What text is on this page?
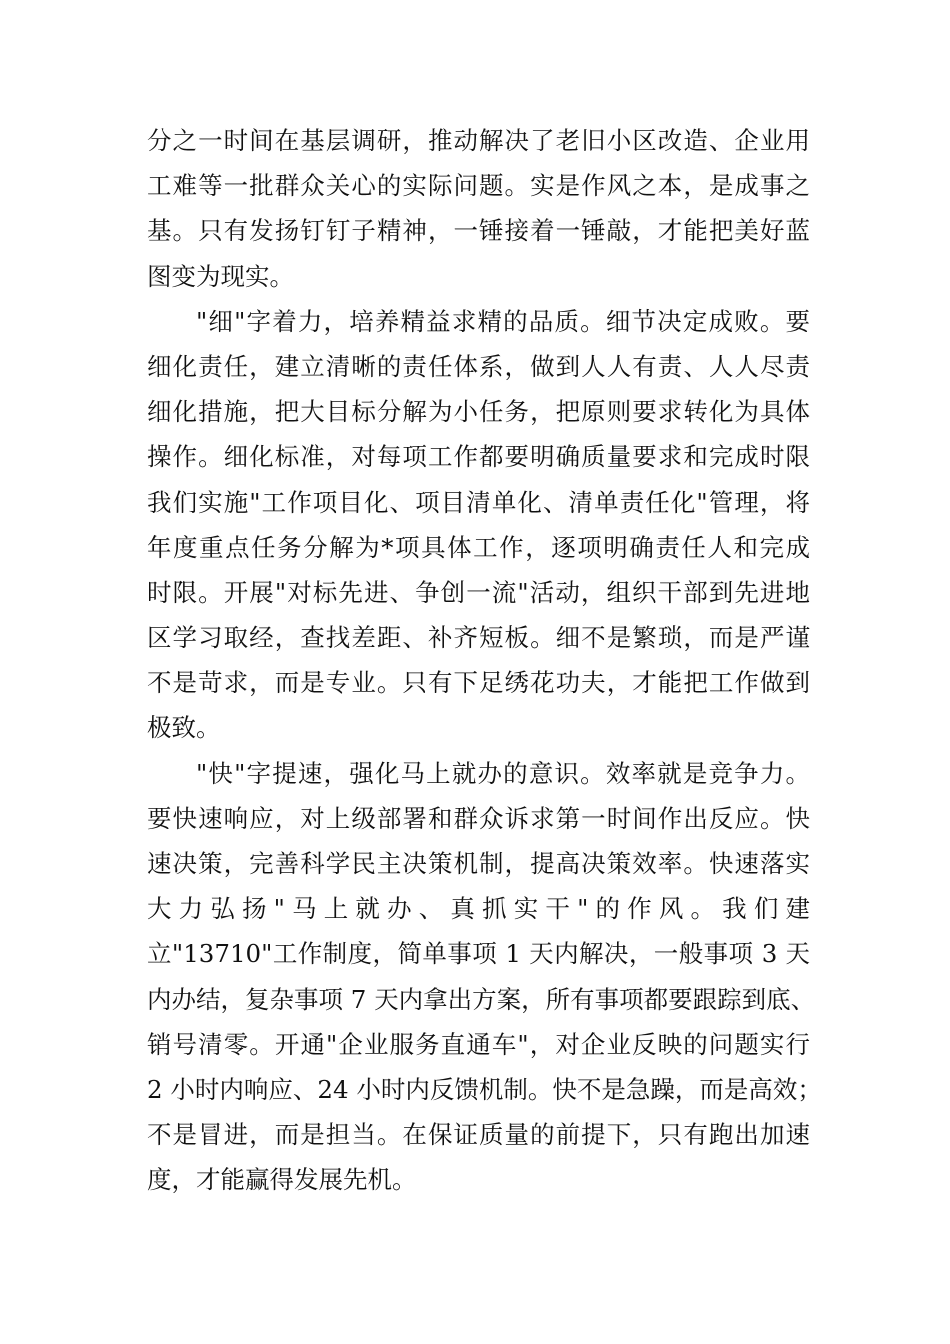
分之一时间在基层调研，推动解决了老旧小区改造、企业用
工难等一批群众关心的实际问题。实是作风之本，是成事之
基。只有发扬钉钉子精神，一锤接着一锤敲，才能把美好蓝
图变为现实。
"细"字着力，培养精益求精的品质。细节决定成败。要
细化责任，建立清晰的责任体系，做到人人有责、人人尽责
细化措施，把大目标分解为小任务，把原则要求转化为具体
操作。细化标准，对每项工作都要明确质量要求和完成时限
我们实施"工作项目化、项目清单化、清单责任化"管理，将
年度重点任务分解为*项具体工作，逐项明确责任人和完成
时限。开展"对标先进、争创一流"活动，组织干部到先进地
区学习取经，查找差距、补齐短板。细不是繁琐，而是严谨
不是苛求，而是专业。只有下足绣花功夫，才能把工作做到
极致。
"快"字提速，强化马上就办的意识。效率就是竞争力。
要快速响应，对上级部署和群众诉求第一时间作出反应。快
速决策，完善科学民主决策机制，提高决策效率。快速落实
大力弘扬"马上就办、真抓实干"的作风。我们建
立"13710"工作制度，简单事项 1 天内解决，一般事项 3 天
内办结，复杂事项 7 天内拿出方案，所有事项都要跟踪到底、
销号清零。开通"企业服务直通车"，对企业反映的问题实行
2 小时内响应、24 小时内反馈机制。快不是急躁，而是高效；
不是冒进，而是担当。在保证质量的前提下，只有跑出加速
度，才能赢得发展先机。
